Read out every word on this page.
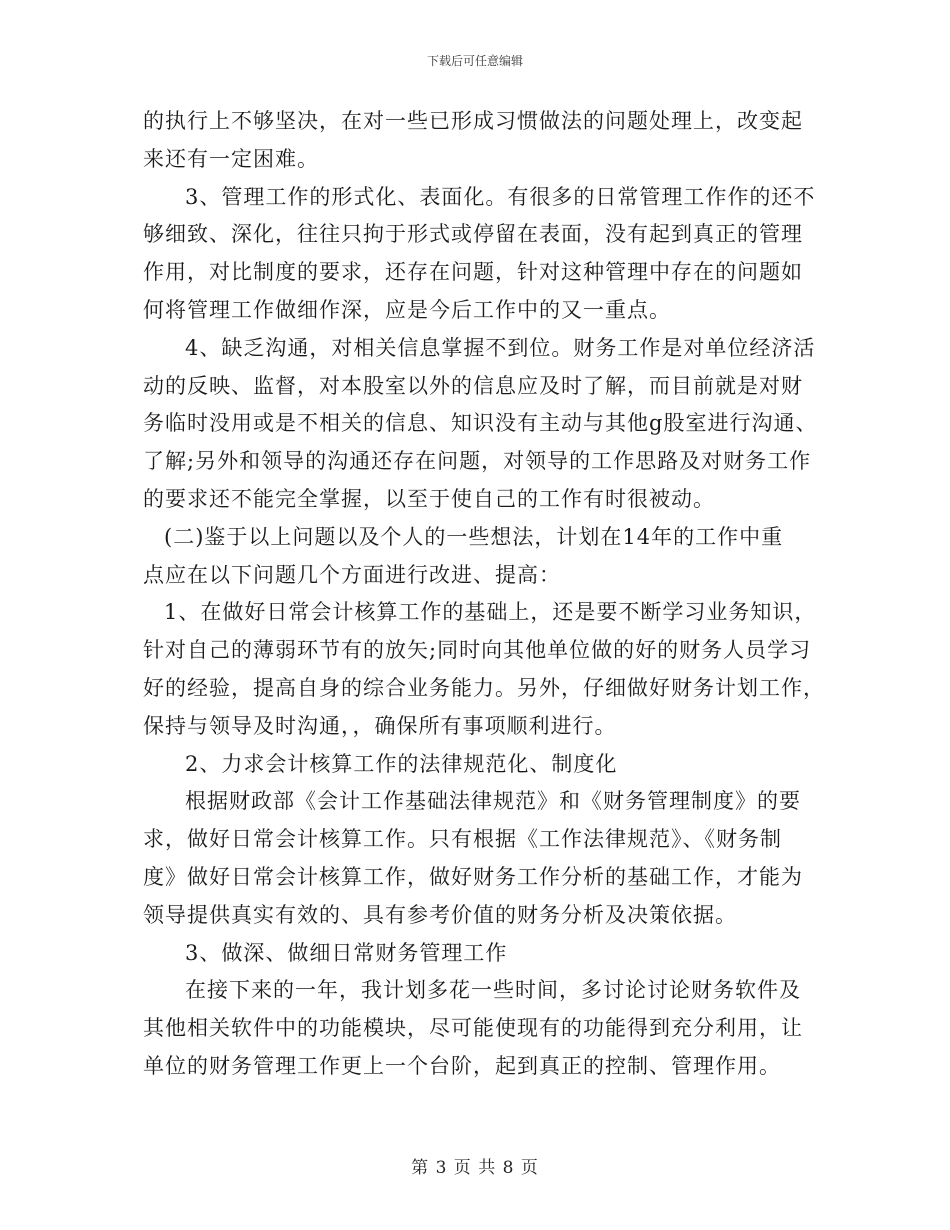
下载后可任意编辑
的执行上不够坚决，在对一些已形成习惯做法的问题处理上，改变起
来还有一定困难。
3、管理工作的形式化、表面化。有很多的日常管理工作作的还不
够细致、深化，往往只拘于形式或停留在表面，没有起到真正的管理
作用，对比制度的要求，还存在问题，针对这种管理中存在的问题如
何将管理工作做细作深，应是今后工作中的又一重点。
4、缺乏沟通，对相关信息掌握不到位。财务工作是对单位经济活
动的反映、监督，对本股室以外的信息应及时了解，而目前就是对财
务临时没用或是不相关的信息、知识没有主动与其他g股室进行沟通、
了解;另外和领导的沟通还存在问题，对领导的工作思路及对财务工作
的要求还不能完全掌握，以至于使自己的工作有时很被动。
(二)鉴于以上问题以及个人的一些想法，计划在14年的工作中重
点应在以下问题几个方面进行改进、提高：
1、在做好日常会计核算工作的基础上，还是要不断学习业务知识，
针对自己的薄弱环节有的放矢;同时向其他单位做的好的财务人员学习
好的经验，提高自身的综合业务能力。另外，仔细做好财务计划工作，
保持与领导及时沟通，，确保所有事项顺利进行。
2、力求会计核算工作的法律规范化、制度化
根据财政部《会计工作基础法律规范》和《财务管理制度》的要
求，做好日常会计核算工作。只有根据《工作法律规范》、《财务制
度》做好日常会计核算工作，做好财务工作分析的基础工作，才能为
领导提供真实有效的、具有参考价值的财务分析及决策依据。
3、做深、做细日常财务管理工作
在接下来的一年，我计划多花一些时间，多讨论讨论财务软件及
其他相关软件中的功能模块，尽可能使现有的功能得到充分利用，让
单位的财务管理工作更上一个台阶，起到真正的控制、管理作用。
第 3 页 共 8 页
